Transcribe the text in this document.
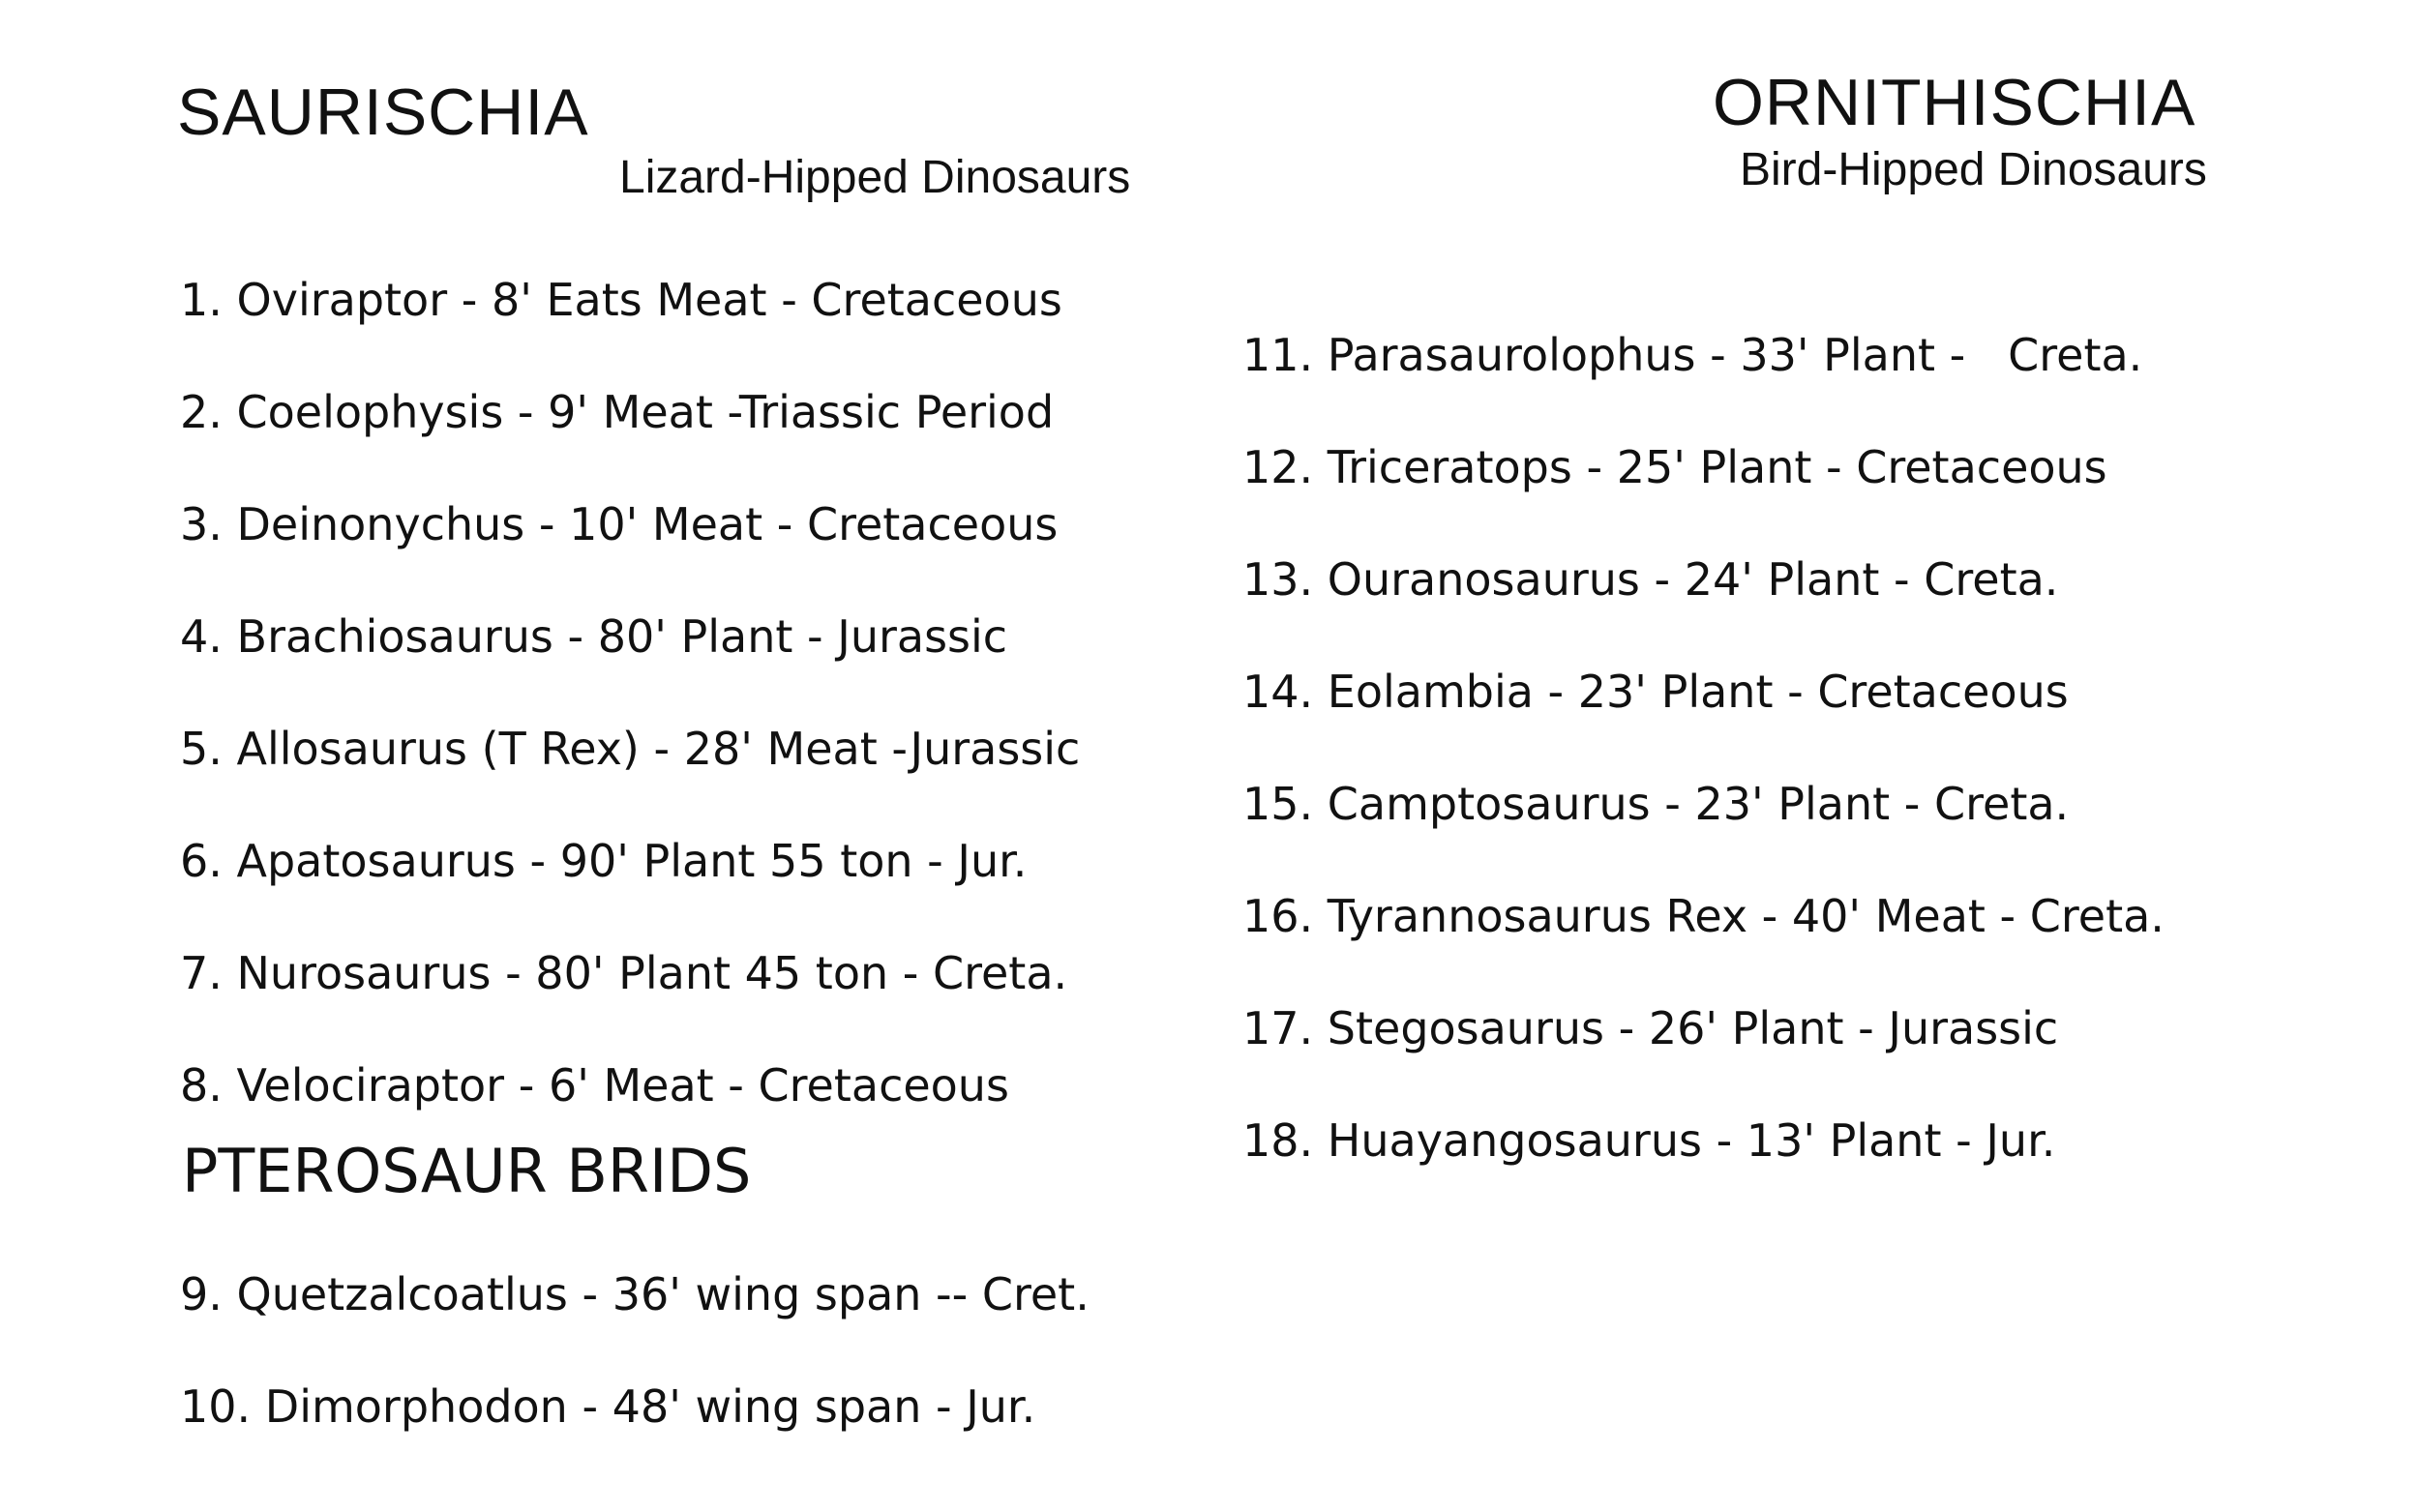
SAURISCHIA
Lizard-Hipped Dinosaurs
1. Oviraptor - 8' Eats Meat - Cretaceous
2. Coelophysis - 9' Meat -Triassic Period
3. Deinonychus - 10' Meat - Cretaceous
4. Brachiosaurus - 80' Plant - Jurassic
5. Allosaurus (T Rex) - 28' Meat -Jurassic
6. Apatosaurus - 90' Plant 55 ton - Jur.
7. Nurosaurus - 80' Plant 45 ton - Creta.
8. Velociraptor - 6' Meat - Cretaceous
PTEROSAUR BRIDS
9. Quetzalcoatlus - 36' wing span -- Cret.
10. Dimorphodon - 48' wing span - Jur.
ORNITHISCHIA
Bird-Hipped Dinosaurs
11. Parasaurolophus - 33' Plant -   Creta.
12. Triceratops - 25' Plant - Cretaceous
13. Ouranosaurus - 24' Plant - Creta.
14. Eolambia - 23' Plant - Cretaceous
15. Camptosaurus - 23' Plant - Creta.
16. Tyrannosaurus Rex - 40' Meat - Creta.
17. Stegosaurus - 26' Plant - Jurassic
18. Huayangosaurus - 13' Plant - Jur.
